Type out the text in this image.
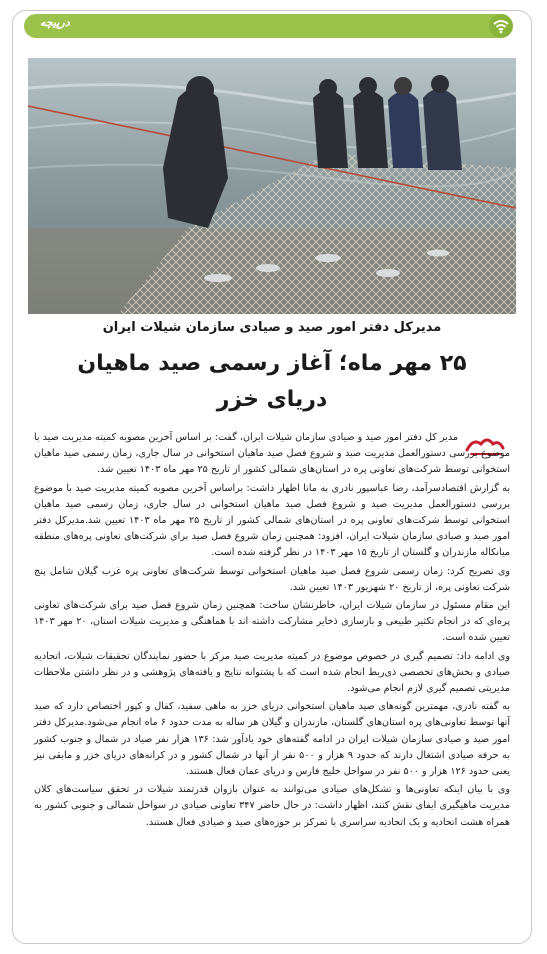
درپیچه
مدیرکل دفتر امور صید و صیادی سازمان شیلات ایران
۲۵ مهر ماه؛ آغاز رسمی صید ماهیان
دریای خزر

مدیر کل دفتر امور صید و صیادی سازمان شیلات ایران، گفت: بر اساس آخرین مصوبه کمیته مدیریت صید با موضوع بررسی دستورالعمل مدیریت صید و شروع فصل صید ماهیان استخوانی در سال جاری، زمان رسمی صید ماهیان استخوانی توسط شرکت‌های تعاونی پره در استان‌های شمالی کشور از تاریخ ۲۵ مهر ماه ۱۴۰۳ تعیین شد.

به گزارش اقتصادسرآمد، رضا عباسپور نادری به مانا اظهار داشت: براساس آخرین مصوبه کمیته مدیریت صید با موضوع بررسی دستورالعمل مدیریت صید و شروع فصل صید ماهیان استخوانی در سال جاری، زمان رسمی صید ماهیان استخوانی توسط شرکت‌های تعاونی پره در استان‌های شمالی کشور از تاریخ ۲۵ مهر ماه ۱۴۰۳ تعیین شد.مدیرکل دفتر امور صید و صیادی سازمان شیلات ایران، افزود: همچنین زمان شروع فصل صید برای شرکت‌های تعاونی پره‌های منطقه میانکاله مازندران و گلستان از تاریخ ۱۵ مهر ۱۴۰۳ در نظر گرفته شده است.

وی تصریح کرد: زمان رسمی شروع فصل صید ماهیان استخوانی توسط شرکت‌های تعاونی پره غرب گیلان شامل پنج شرکت تعاونی پره، از تاریخ ۲۰ شهریور ۱۴۰۳ تعیین شد.

این مقام مسئول در سازمان شیلات ایران، خاطرنشان ساخت: همچنین زمان شروع فصل صید برای شرکت‌های تعاونی پره‌ای که در انجام تکثیر طبیعی و بازسازی ذخایر مشارکت داشته اند با هماهنگی و مدیریت شیلات استان، ۲۰ مهر ۱۴۰۳ تعیین شده است.

وی ادامه داد: تصمیم گیری در خصوص موضوع در کمیته مدیریت صید مرکز با حضور نمایندگان تحقیقات شیلات، اتحادیه صیادی و بخش‌های تخصصی ذی‌ربط انجام شده است که با پشتوانه نتایج و یافته‌های پژوهشی و در نظر داشتن ملاحظات مدیریتی تصمیم گیری لازم انجام می‌شود.

به گفته نادری، مهمترین گونه‌های صید ماهیان استخوانی دریای خزر به ماهی سفید، کفال و کپور اختصاص دارد که صید آنها توسط تعاونی‌های پره استان‌های گلستان، مازندران و گیلان هر ساله به مدت حدود ۶ ماه انجام می‌شود.مدیرکل دفتر امور صید و صیادی سازمان شیلات ایران در ادامه گفته‌های خود یادآور شد: ۱۳۶ هزار نفر صیاد در شمال و جنوب کشور به حرفه صیادی اشتغال دارند که حدود ۹ هزار و ۵۰۰ نفر از آنها در شمال کشور و در کرانه‌های دریای خزر و مابقی نیز یعنی حدود ۱۲۶ هزار و ۵۰۰ نفر در سواحل خلیج فارس و دریای عمان فعال هستند.

وی با بیان اینکه تعاونی‌ها و تشکل‌های صیادی می‌توانند به عنوان بازوان قدرتمند شیلات در تحقق سیاست‌های کلان مدیریت ماهیگیری ایفای نقش کنند، اظهار داشت: در حال حاضر ۳۴۷ تعاونی صیادی در سواحل شمالی و جنوبی کشور به همراه هشت اتحادیه و یک اتحادیه سراسری با تمرکز بر حوزه‌های صید و صیادی فعال هستند.
